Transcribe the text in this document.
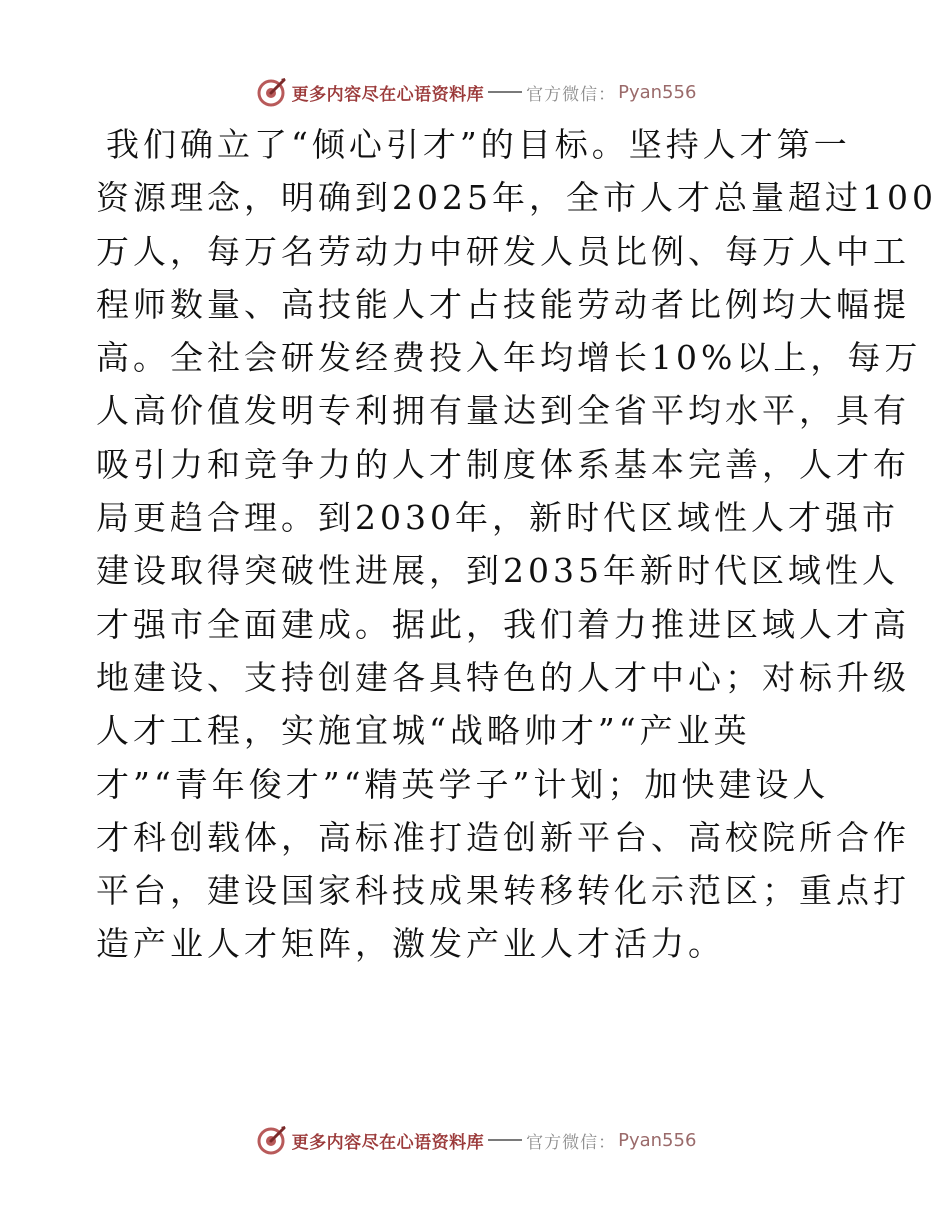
更多内容尽在心语资料库 官方微信： Pyan556
我们确立了“倾心引才”的目标。坚持人才第一
资源理念，明确到2025年，全市人才总量超过100
万人，每万名劳动力中研发人员比例、每万人中工
程师数量、高技能人才占技能劳动者比例均大幅提
高。全社会研发经费投入年均增长10%以上，每万
人高价值发明专利拥有量达到全省平均水平，具有
吸引力和竞争力的人才制度体系基本完善，人才布
局更趋合理。到2030年，新时代区域性人才强市
建设取得突破性进展，到2035年新时代区域性人
才强市全面建成。据此，我们着力推进区域人才高
地建设、支持创建各具特色的人才中心；对标升级
人才工程，实施宜城“战略帅才”“产业英
才”“青年俊才”“精英学子”计划；加快建设人
才科创载体，高标准打造创新平台、高校院所合作
平台，建设国家科技成果转移转化示范区；重点打
造产业人才矩阵，激发产业人才活力。
更多内容尽在心语资料库 官方微信： Pyan556
